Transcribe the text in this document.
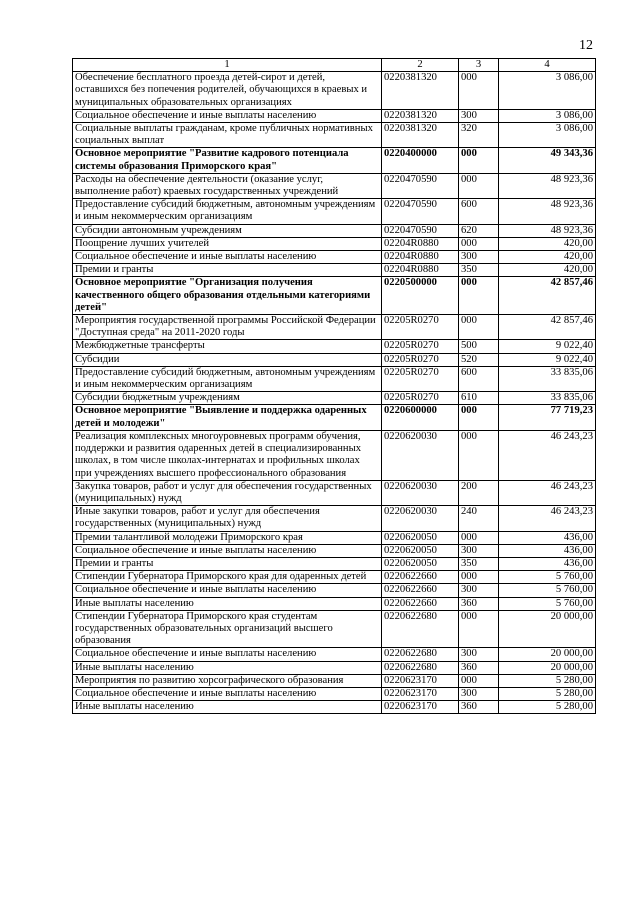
12
1	2	3	4
Обеспечение бесплатного проезда детей-сирот и детей, оставшихся без попечения родителей, обучающихся в краевых и муниципальных образовательных организациях	0220381320	000	3 086,00
Социальное обеспечение и иные выплаты населению	0220381320	300	3 086,00
Социальные выплаты гражданам, кроме публичных нормативных социальных выплат	0220381320	320	3 086,00
Основное мероприятие "Развитие кадрового потенциала системы образования Приморского края"	0220400000	000	49 343,36
Расходы на обеспечение деятельности (оказание услуг, выполнение работ) краевых государственных учреждений	0220470590	000	48 923,36
Предоставление субсидий бюджетным, автономным учреждениям и иным некоммерческим организациям	0220470590	600	48 923,36
Субсидии автономным учреждениям	0220470590	620	48 923,36
Поощрение лучших учителей	02204R0880	000	420,00
Социальное обеспечение и иные выплаты населению	02204R0880	300	420,00
Премии и гранты	02204R0880	350	420,00
Основное мероприятие "Организация получения качественного общего образования отдельными категориями детей"	0220500000	000	42 857,46
Мероприятия государственной программы Российской Федерации "Доступная среда" на 2011-2020 годы	02205R0270	000	42 857,46
Межбюджетные трансферты	02205R0270	500	9 022,40
Субсидии	02205R0270	520	9 022,40
Предоставление субсидий бюджетным, автономным учреждениям и иным некоммерческим организациям	02205R0270	600	33 835,06
Субсидии бюджетным учреждениям	02205R0270	610	33 835,06
Основное мероприятие "Выявление и поддержка одаренных детей и молодежи"	0220600000	000	77 719,23
Реализация комплексных многоуровневых программ обучения, поддержки и развития одаренных детей в специализированных школах, в том числе школах-интернатах и профильных школах при учреждениях высшего профессионального образования	0220620030	000	46 243,23
Закупка товаров, работ и услуг для обеспечения государственных (муниципальных) нужд	0220620030	200	46 243,23
Иные закупки товаров, работ и услуг для обеспечения государственных (муниципальных) нужд	0220620030	240	46 243,23
Премии талантливой молодежи Приморского края	0220620050	000	436,00
Социальное обеспечение и иные выплаты населению	0220620050	300	436,00
Премии и гранты	0220620050	350	436,00
Стипендии Губернатора Приморского края для одаренных детей	0220622660	000	5 760,00
Социальное обеспечение и иные выплаты населению	0220622660	300	5 760,00
Иные выплаты населению	0220622660	360	5 760,00
Стипендии Губернатора Приморского края студентам государственных образовательных организаций высшего образования	0220622680	000	20 000,00
Социальное обеспечение и иные выплаты населению	0220622680	300	20 000,00
Иные выплаты населению	0220622680	360	20 000,00
Мероприятия по развитию хорсографического образования	0220623170	000	5 280,00
Социальное обеспечение и иные выплаты населению	0220623170	300	5 280,00
Иные выплаты населению	0220623170	360	5 280,00
